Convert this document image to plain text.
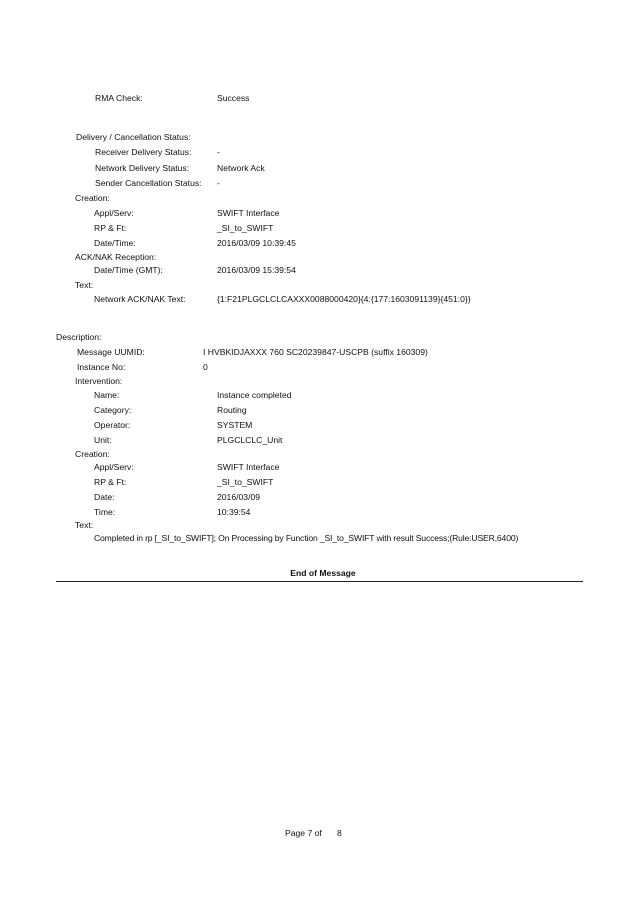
RMA Check:	Success
Delivery / Cancellation Status:
Receiver Delivery Status:	-
Network Delivery Status:	Network Ack
Sender Cancellation Status: -
Creation:
Appl/Serv:	SWIFT Interface
RP & Ft:	_SI_to_SWIFT
Date/Time:	2016/03/09 10:39:45
ACK/NAK Reception:
Date/Time (GMT):	2016/03/09 15:39:54
Text:
Network ACK/NAK Text:	{1:F21PLGCLCLCAXXX0088000420}{4:{177:1603091139}{451:0}}
Description:
Message UUMID:	I HVBKIDJAXXX 760 SC20239847-USCPB (suffix 160309)
Instance No:	0
Intervention:
Name:	Instance completed
Category:	Routing
Operator:	SYSTEM
Unit:	PLGCLCLC_Unit
Creation:
Appl/Serv:	SWIFT Interface
RP & Ft:	_SI_to_SWIFT
Date:	2016/03/09
Time:	10:39:54
Text:
Completed in rp [_SI_to_SWIFT]; On Processing by Function _SI_to_SWIFT with result Success;(Rule:USER,6400)
End of Message
Page 7 of 8
